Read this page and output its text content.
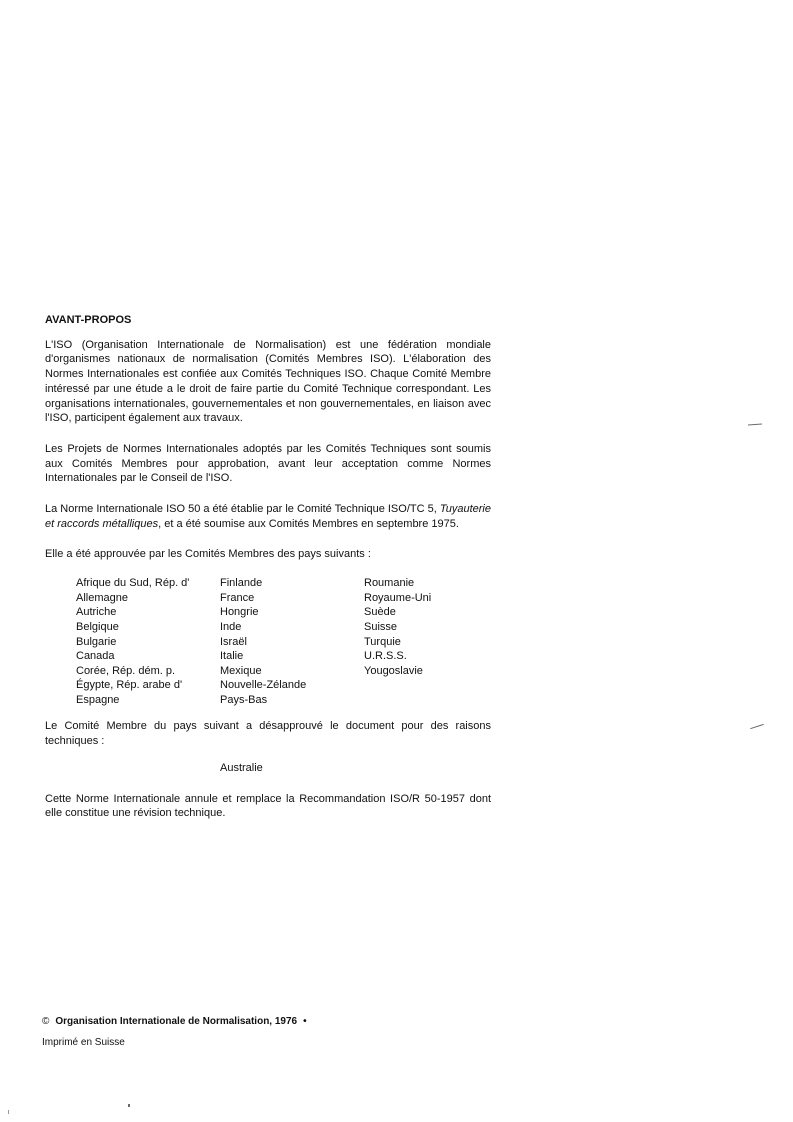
AVANT-PROPOS

L'ISO (Organisation Internationale de Normalisation) est une fédération mondiale d'organismes nationaux de normalisation (Comités Membres ISO). L'élaboration des Normes Internationales est confiée aux Comités Techniques ISO. Chaque Comité Membre intéressé par une étude a le droit de faire partie du Comité Technique correspondant. Les organisations internationales, gouvernementales et non gouvernementales, en liaison avec l'ISO, participent également aux travaux.

Les Projets de Normes Internationales adoptés par les Comités Techniques sont soumis aux Comités Membres pour approbation, avant leur acceptation comme Normes Internationales par le Conseil de l'ISO.

La Norme Internationale ISO 50 a été établie par le Comité Technique ISO/TC 5, Tuyauterie et raccords métalliques, et a été soumise aux Comités Membres en septembre 1975.

Elle a été approuvée par les Comités Membres des pays suivants :

Afrique du Sud, Rép. d'
Allemagne
Autriche
Belgique
Bulgarie
Canada
Corée, Rép. dém. p.
Égypte, Rép. arabe d'
Espagne
Finlande
France
Hongrie
Inde
Israël
Italie
Mexique
Nouvelle-Zélande
Pays-Bas
Roumanie
Royaume-Uni
Suède
Suisse
Turquie
U.R.S.S.
Yougoslavie

Le Comité Membre du pays suivant a désapprouvé le document pour des raisons techniques :

Australie

Cette Norme Internationale annule et remplace la Recommandation ISO/R 50-1957 dont elle constitue une révision technique.

© Organisation Internationale de Normalisation, 1976 •
Imprimé en Suisse
